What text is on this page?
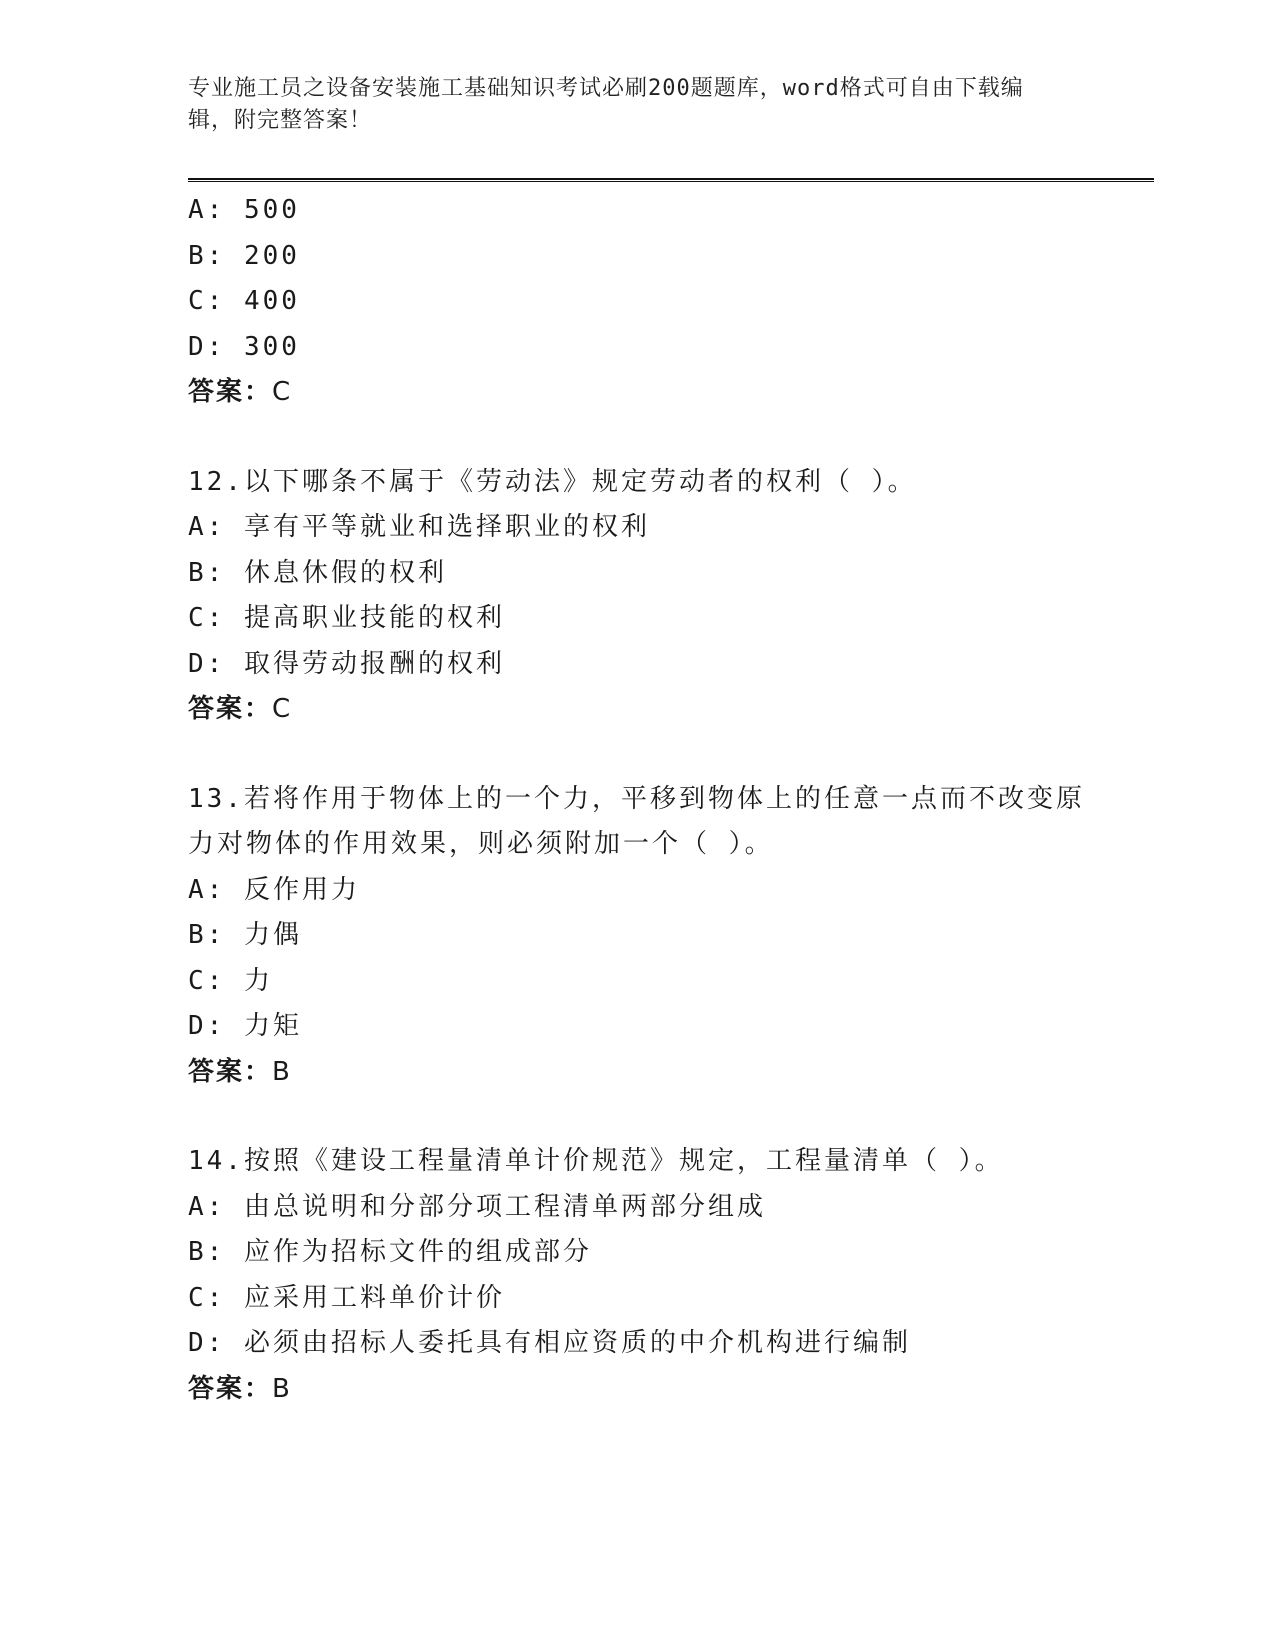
专业施工员之设备安装施工基础知识考试必刷200题题库，word格式可自由下载编辑，附完整答案！
A: 500
B: 200
C: 400
D: 300
答案：C
12.以下哪条不属于《劳动法》规定劳动者的权利（ ）。
A: 享有平等就业和选择职业的权利
B: 休息休假的权利
C: 提高职业技能的权利
D: 取得劳动报酬的权利
答案：C
13.若将作用于物体上的一个力，平移到物体上的任意一点而不改变原力对物体的作用效果，则必须附加一个（ ）。
A: 反作用力
B: 力偶
C: 力
D: 力矩
答案：B
14.按照《建设工程量清单计价规范》规定，工程量清单（ ）。
A: 由总说明和分部分项工程清单两部分组成
B: 应作为招标文件的组成部分
C: 应采用工料单价计价
D: 必须由招标人委托具有相应资质的中介机构进行编制
答案：B
